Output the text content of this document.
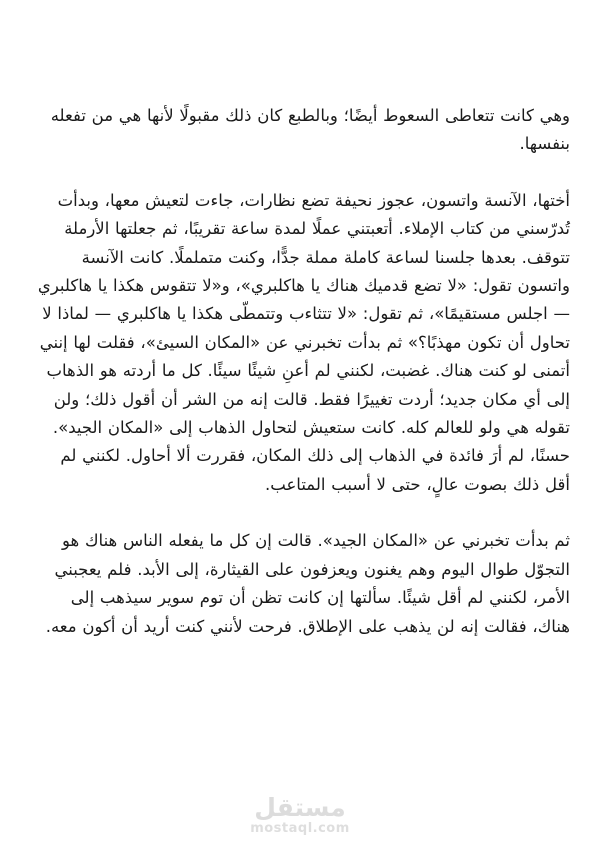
وهي كانت تتعاطى السعوط أيضًا؛ وبالطبع كان ذلك مقبولًا لأنها هي من تفعله بنفسها.

أختها، الآنسة واتسون، عجوز نحيفة تضع نظارات، جاءت لتعيش معها، وبدأت تُدرّسني من كتاب الإملاء. أتعبتني عملًا لمدة ساعة تقريبًا، ثم جعلتها الأرملة تتوقف. بعدها جلسنا لساعة كاملة مملة جدًّا، وكنت متململًا. كانت الآنسة واتسون تقول: «لا تضع قدميك هناك يا هاكلبري»، و«لا تتقوس هكذا يا هاكلبري — اجلس مستقيمًا»، ثم تقول: «لا تتثاءب وتتمطّى هكذا يا هاكلبري — لماذا لا تحاول أن تكون مهذبًا؟» ثم بدأت تخبرني عن «المكان السيئ»، فقلت لها إنني أتمنى لو كنت هناك. غضبت، لكنني لم أعنِ شيئًا سيئًا. كل ما أردته هو الذهاب إلى أي مكان جديد؛ أردت تغييرًا فقط. قالت إنه من الشر أن أقول ذلك؛ ولن تقوله هي ولو للعالم كله. كانت ستعيش لتحاول الذهاب إلى «المكان الجيد». حسنًا، لم أرَ فائدة في الذهاب إلى ذلك المكان، فقررت ألا أحاول. لكنني لم أقل ذلك بصوت عالٍ، حتى لا أسبب المتاعب.

ثم بدأت تخبرني عن «المكان الجيد». قالت إن كل ما يفعله الناس هناك هو التجوّل طوال اليوم وهم يغنون ويعزفون على القيثارة، إلى الأبد. فلم يعجبني الأمر، لكنني لم أقل شيئًا. سألتها إن كانت تظن أن توم سوير سيذهب إلى هناك، فقالت إنه لن يذهب على الإطلاق. فرحت لأنني كنت أريد أن أكون معه.

مستقل
mostaql.com
